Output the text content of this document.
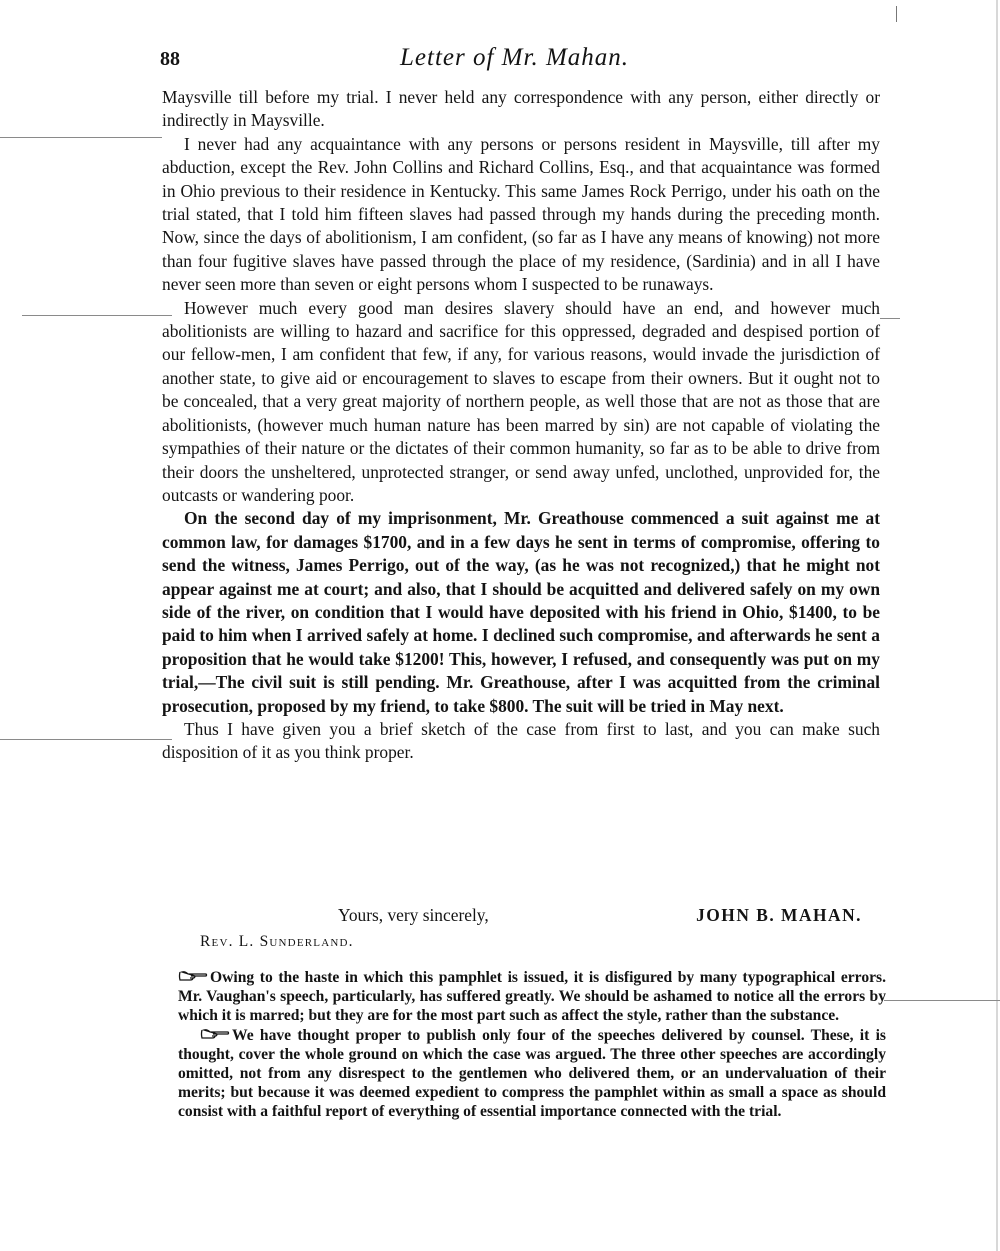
88	Letter of Mr. Mahan.

Maysville till before my trial. I never held any correspondence with any person, either directly or indirectly in Maysville.

I never had any acquaintance with any persons or persons resident in Maysville, till after my abduction, except the Rev. John Collins and Richard Collins, Esq., and that acquaintance was formed in Ohio previous to their residence in Kentucky. This same James Rock Perrigo, under his oath on the trial stated, that I told him fifteen slaves had passed through my hands during the preceding month. Now, since the days of abolitionism, I am confident, (so far as I have any means of knowing) not more than four fugitive slaves have passed through the place of my residence, (Sardinia) and in all I have never seen more than seven or eight persons whom I suspected to be runaways.

However much every good man desires slavery should have an end, and however much abolitionists are willing to hazard and sacrifice for this oppressed, degraded and despised portion of our fellow-men, I am confident that few, if any, for various reasons, would invade the jurisdiction of another state, to give aid or encouragement to slaves to escape from their owners. But it ought not to be concealed, that a very great majority of northern people, as well those that are not as those that are abolitionists, (however much human nature has been marred by sin) are not capable of violating the sympathies of their nature or the dictates of their common humanity, so far as to be able to drive from their doors the unsheltered, unprotected stranger, or send away unfed, unclothed, unprovided for, the outcasts or wandering poor.

On the second day of my imprisonment, Mr. Greathouse commenced a suit against me at common law, for damages $1700, and in a few days he sent in terms of compromise, offering to send the witness, James Perrigo, out of the way, (as he was not recognized,) that he might not appear against me at court; and also, that I should be acquitted and delivered safely on my own side of the river, on condition that I would have deposited with his friend in Ohio, $1400, to be paid to him when I arrived safely at home. I declined such compromise, and afterwards he sent a proposition that he would take $1200! This, however, I refused, and consequently was put on my trial,—The civil suit is still pending. Mr. Greathouse, after I was acquitted from the criminal prosecution, proposed by my friend, to take $800. The suit will be tried in May next.

Thus I have given you a brief sketch of the case from first to last, and you can make such disposition of it as you think proper.

Yours, very sincerely,	JOHN B. MAHAN.
Rev. L. Sunderland.

Owing to the haste in which this pamphlet is issued, it is disfigured by many typographical errors. Mr. Vaughan's speech, particularly, has suffered greatly. We should be ashamed to notice all the errors by which it is marred; but they are for the most part such as affect the style, rather than the substance.

We have thought proper to publish only four of the speeches delivered by counsel. These, it is thought, cover the whole ground on which the case was argued. The three other speeches are accordingly omitted, not from any disrespect to the gentlemen who delivered them, or an undervaluation of their merits; but because it was deemed expedient to compress the pamphlet within as small a space as should consist with a faithful report of everything of essential importance connected with the trial.
